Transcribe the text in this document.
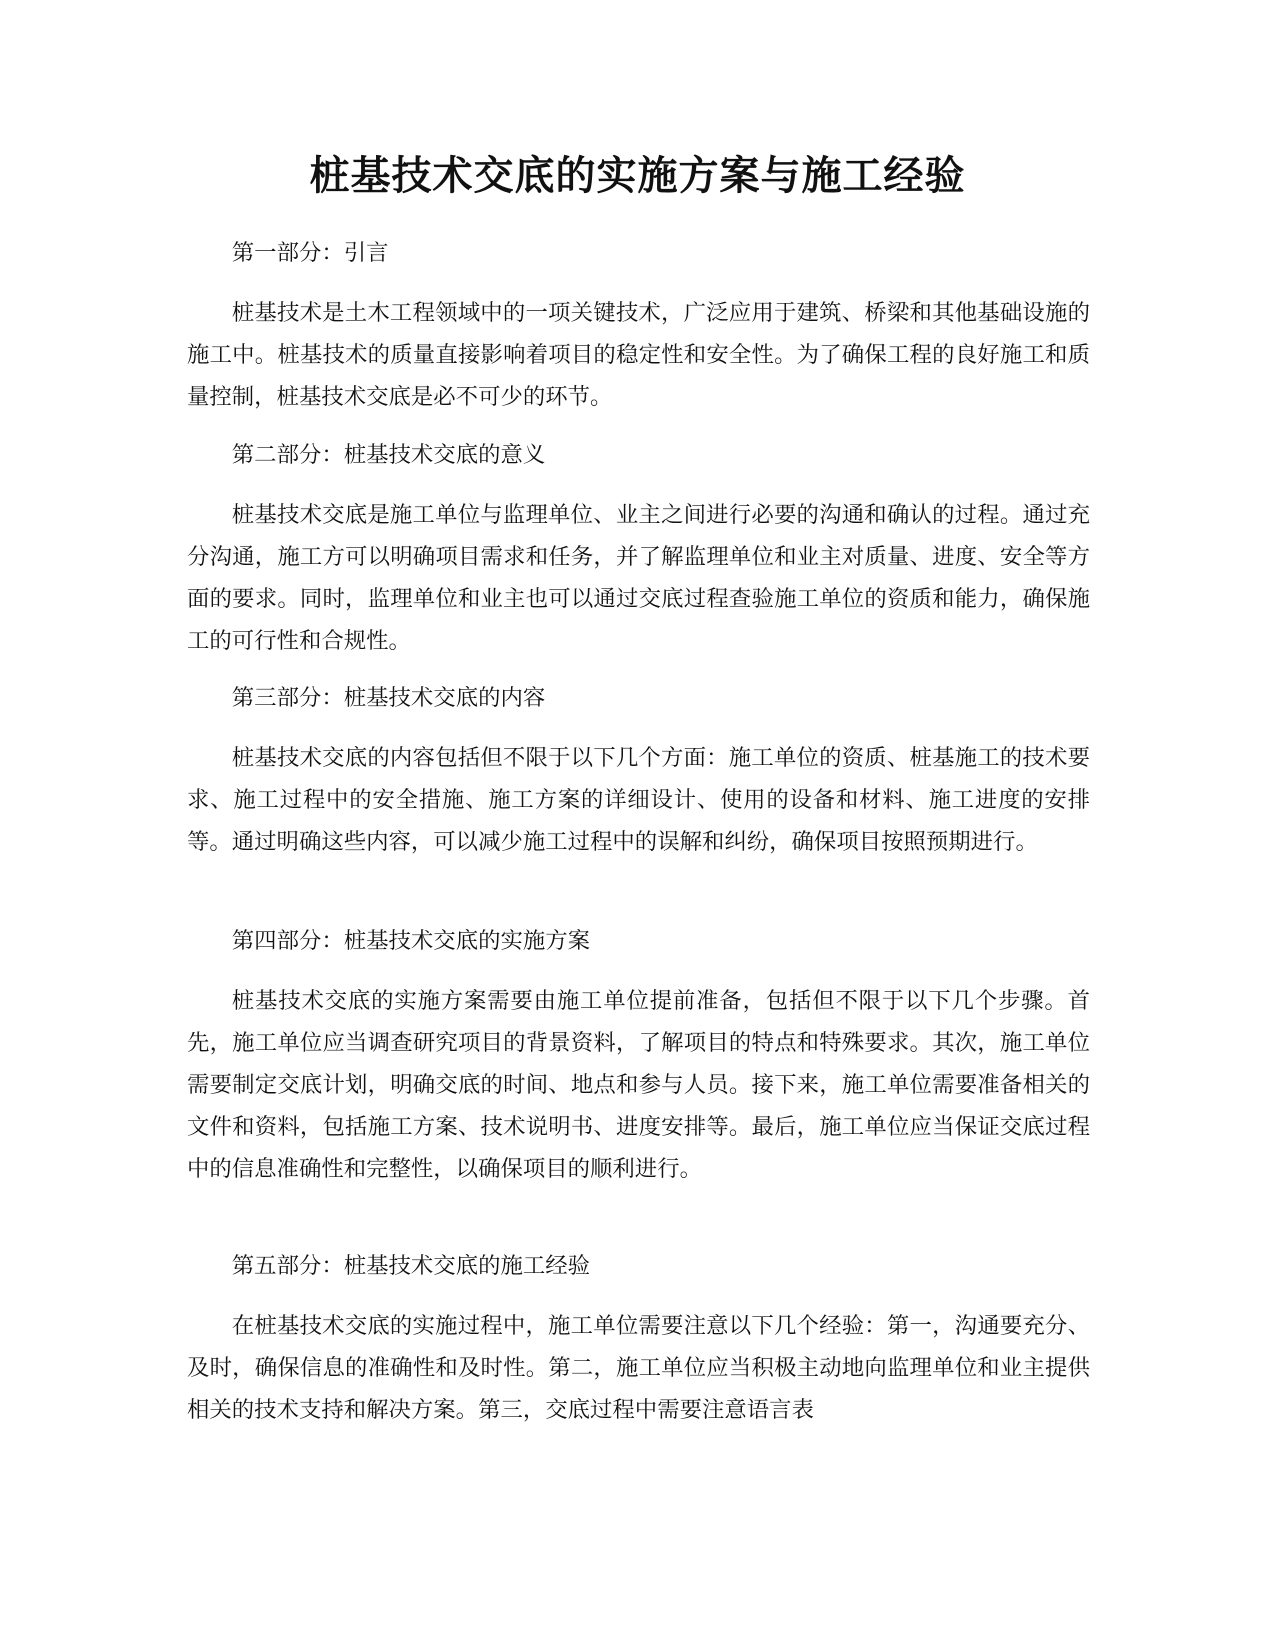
桩基技术交底的实施方案与施工经验

第一部分：引言

桩基技术是土木工程领域中的一项关键技术，广泛应用于建筑、桥梁和其他基础设施的施工中。桩基技术的质量直接影响着项目的稳定性和安全性。为了确保工程的良好施工和质量控制，桩基技术交底是必不可少的环节。

第二部分：桩基技术交底的意义

桩基技术交底是施工单位与监理单位、业主之间进行必要的沟通和确认的过程。通过充分沟通，施工方可以明确项目需求和任务，并了解监理单位和业主对质量、进度、安全等方面的要求。同时，监理单位和业主也可以通过交底过程查验施工单位的资质和能力，确保施工的可行性和合规性。

第三部分：桩基技术交底的内容

桩基技术交底的内容包括但不限于以下几个方面：施工单位的资质、桩基施工的技术要求、施工过程中的安全措施、施工方案的详细设计、使用的设备和材料、施工进度的安排等。通过明确这些内容，可以减少施工过程中的误解和纠纷，确保项目按照预期进行。

第四部分：桩基技术交底的实施方案

桩基技术交底的实施方案需要由施工单位提前准备，包括但不限于以下几个步骤。首先，施工单位应当调查研究项目的背景资料，了解项目的特点和特殊要求。其次，施工单位需要制定交底计划，明确交底的时间、地点和参与人员。接下来，施工单位需要准备相关的文件和资料，包括施工方案、技术说明书、进度安排等。最后，施工单位应当保证交底过程中的信息准确性和完整性，以确保项目的顺利进行。

第五部分：桩基技术交底的施工经验

在桩基技术交底的实施过程中，施工单位需要注意以下几个经验：第一，沟通要充分、及时，确保信息的准确性和及时性。第二，施工单位应当积极主动地向监理单位和业主提供相关的技术支持和解决方案。第三，交底过程中需要注意语言表
